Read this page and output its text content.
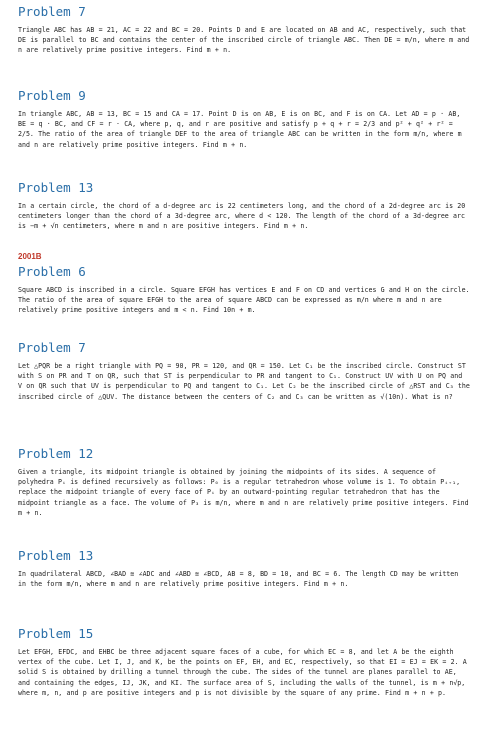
Problem 7

Triangle ABC has AB = 21, AC = 22 and BC = 20. Points D and E are located on AB and AC, respectively, such that DE is parallel to BC and contains the center of the inscribed circle of triangle ABC. Then DE = m/n, where m and n are relatively prime positive integers. Find m + n.

Problem 9

In triangle ABC, AB = 13, BC = 15 and CA = 17. Point D is on AB, E is on BC, and F is on CA. Let AD = p · AB, BE = q · BC, and CF = r · CA, where p, q, and r are positive and satisfy p + q + r = 2/3 and p² + q² + r² = 2/5. The ratio of the area of triangle DEF to the area of triangle ABC can be written in the form m/n, where m and n are relatively prime positive integers. Find m + n.

Problem 13

In a certain circle, the chord of a d-degree arc is 22 centimeters long, and the chord of a 2d-degree arc is 20 centimeters longer than the chord of a 3d-degree arc, where d < 120. The length of the chord of a 3d-degree arc is −m + √n centimeters, where m and n are positive integers. Find m + n.

2001B
Problem 6

Square ABCD is inscribed in a circle. Square EFGH has vertices E and F on CD and vertices G and H on the circle. The ratio of the area of square EFGH to the area of square ABCD can be expressed as m/n where m and n are relatively prime positive integers and m < n. Find 10n + m.

Problem 7

Let △PQR be a right triangle with PQ = 90, PR = 120, and QR = 150. Let C₁ be the inscribed circle. Construct ST with S on PR and T on QR, such that ST is perpendicular to PR and tangent to C₁. Construct UV with U on PQ and V on QR such that UV is perpendicular to PQ and tangent to C₁. Let C₂ be the inscribed circle of △RST and C₃ the inscribed circle of △QUV. The distance between the centers of C₂ and C₃ can be written as √(10n). What is n?

Problem 12

Given a triangle, its midpoint triangle is obtained by joining the midpoints of its sides. A sequence of polyhedra Pᵢ is defined recursively as follows: P₀ is a regular tetrahedron whose volume is 1. To obtain Pᵢ₊₁, replace the midpoint triangle of every face of Pᵢ by an outward-pointing regular tetrahedron that has the midpoint triangle as a face. The volume of P₃ is m/n, where m and n are relatively prime positive integers. Find m + n.

Problem 13

In quadrilateral ABCD, ∠BAD ≅ ∠ADC and ∠ABD ≅ ∠BCD, AB = 8, BD = 10, and BC = 6. The length CD may be written in the form m/n, where m and n are relatively prime positive integers. Find m + n.

Problem 15

Let EFGH, EFDC, and EHBC be three adjacent square faces of a cube, for which EC = 8, and let A be the eighth vertex of the cube. Let I, J, and K, be the points on EF, EH, and EC, respectively, so that EI = EJ = EK = 2. A solid S is obtained by drilling a tunnel through the cube. The sides of the tunnel are planes parallel to AE, and containing the edges, IJ, JK, and KI. The surface area of S, including the walls of the tunnel, is m + n√p, where m, n, and p are positive integers and p is not divisible by the square of any prime. Find m + n + p.
